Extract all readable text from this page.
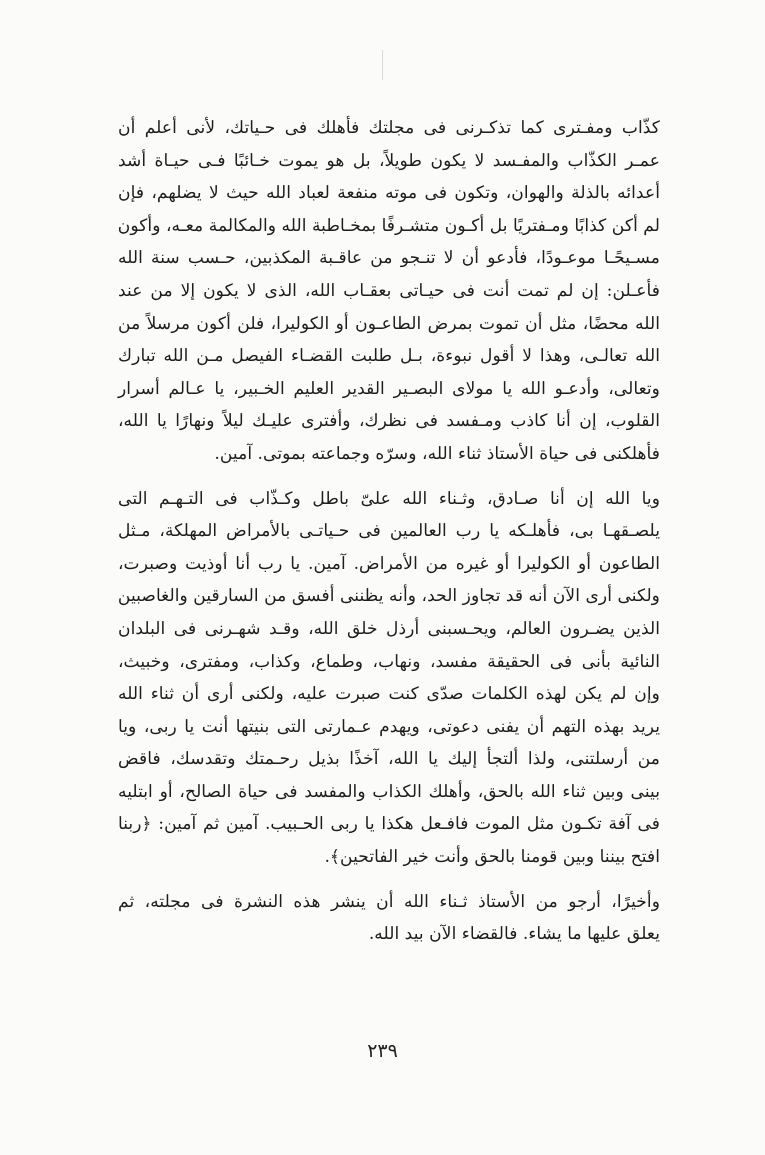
كذّاب ومفـترى كما تذكـرنى فى مجلتك فأهلك فى حـياتك، لأنى أعلم أن
عمـر الكذّاب والمفـسد لا يكون طويلاً، بل هو يموت خـائبًا فـى حيـاة أشد
أعدائه بالذلة والهوان، وتكون فى موته منفعة لعباد الله حيث لا يضلهم، فإن
لم أكن كذابًا ومـفتريًا بل أكـون متشـرفًا بمخـاطبة الله والمكالمة معـه، وأكون
مسـيحًـا موعـودًا، فأدعو أن لا تنـجو من عاقـبة المكذبين، حـسب سنة الله
فأعـلن: إن لم تمت أنت فى حيـاتى بعقـاب الله، الذى لا يكون إلا من عند
الله محضًا، مثل أن تموت بمرض الطاعـون أو الكوليرا، فلن أكون مرسلاً من
الله تعالـى، وهذا لا أقول نبوءة، بـل طلبت القضـاء الفيصل مـن الله تبارك
وتعالى، وأدعـو الله يا مولاى البصـير القدير العليم الخـبير، يا عـالم أسرار
القلوب، إن أنا كاذب ومـفسد فى نظرك، وأفترى عليـك ليلاً ونهارًا يا الله،
فأهلكنى فى حياة الأستاذ ثناء الله، وسرّه وجماعته بموتى. آمين.
ويا الله إن أنا صـادق، وثـناء الله علىّ باطل وكـذّاب فى التـهـم التى
يلصـقهـا بى، فأهلـكه يا رب العالمين فى حـياتـى بالأمراض المهلكة، مـثل
الطاعون أو الكوليرا أو غيره من الأمراض. آمين. يا رب أنا أوذيت وصبرت،
ولكنى أرى الآن أنه قد تجاوز الحد، وأنه يظننى أفسق من السارقين والغاصبين
الذين يضـرون العالم، ويحـسبنى أرذل خلق الله، وقـد شهـرنى فى البلدان
النائية بأنى فى الحقيقة مفسد، ونهاب، وطماع، وكذاب، ومفترى، وخبيث،
وإن لم يكن لهذه الكلمات صدّى كنت صبرت عليه، ولكنى أرى أن ثناء الله
يريد بهذه التهم أن يفنى دعوتى، ويهدم عـمارتى التى بنيتها أنت يا ربى، ويا
من أرسلتنى، ولذا ألتجأ إليك يا الله، آخذًا بذيل رحـمتك وتقدسك، فاقض
بينى وبين ثناء الله بالحق، وأهلك الكذاب والمفسد فى حياة الصالح، أو ابتليه
فى آفة تكـون مثل الموت فافـعل هكذا يا ربى الحـبيب. آمين ثم آمين: ﴿ربنا
افتح بيننا وبين قومنا بالحق وأنت خير الفاتحين﴾.
وأخيرًا، أرجو من الأستاذ ثـناء الله أن ينشر هذه النشرة فى مجلته، ثم
يعلق عليها ما يشاء. فالقضاء الآن بيد الله.
٢٣٩
